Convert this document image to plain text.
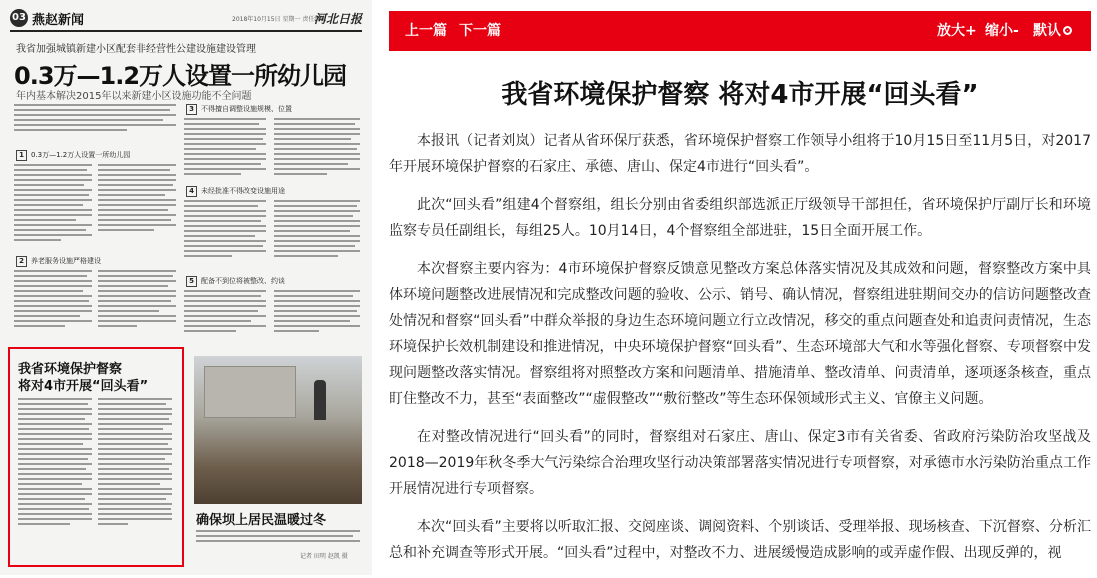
03 燕赵新闻	2018年10月15日 星期一 责任编辑
河北日报
我省加强城镇新建小区配套非经营性公建设施建设管理
0.3万—1.2万人设置一所幼儿园
年内基本解决2015年以来新建小区设施功能不全问题
1 0.3万—1.2万人设置一所幼儿园
2 养老服务设施严格建设
3 不得擅自调整设施规模、位置
4 未经批准不得改变设施用途
5 配备不到位将被整改、约谈
我省环境保护督察
将对4市开展“回头看”
确保坝上居民温暖过冬
记者 田明 赵凯 摄
上一篇 下一篇	放大+ 缩小- 默认
我省环境保护督察 将对4市开展“回头看”

本报讯（记者刘岚）记者从省环保厅获悉，省环境保护督察工作领导小组将于10月15日至11月5日，对2017年开展环境保护督察的石家庄、承德、唐山、保定4市进行“回头看”。

此次“回头看”组建4个督察组，组长分别由省委组织部选派正厅级领导干部担任，省环境保护厅副厅长和环境监察专员任副组长，每组25人。10月14日，4个督察组全部进驻，15日全面开展工作。

本次督察主要内容为：4市环境保护督察反馈意见整改方案总体落实情况及其成效和问题，督察整改方案中具体环境问题整改进展情况和完成整改问题的验收、公示、销号、确认情况，督察组进驻期间交办的信访问题整改查处情况和督察“回头看”中群众举报的身边生态环境问题立行立改情况，移交的重点问题查处和追责问责情况，生态环境保护长效机制建设和推进情况，中央环境保护督察“回头看”、生态环境部大气和水等强化督察、专项督察中发现问题整改落实情况。督察组将对照整改方案和问题清单、措施清单、整改清单、问责清单，逐项逐条核查，重点盯住整改不力，甚至“表面整改”“虚假整改”“敷衍整改”等生态环保领域形式主义、官僚主义问题。

在对整改情况进行“回头看”的同时，督察组对石家庄、唐山、保定3市有关省委、省政府污染防治攻坚战及2018—2019年秋冬季大气污染综合治理攻坚行动决策部署落实情况进行专项督察，对承德市水污染防治重点工作开展情况进行专项督察。

本次“回头看”主要将以听取汇报、交阅座谈、调阅资料、个别谈话、受理举报、现场核查、下沉督察、分析汇总和补充调查等形式开展。“回头看”过程中，对整改不力、进展缓慢造成影响的或弄虚作假、出现反弹的，视
